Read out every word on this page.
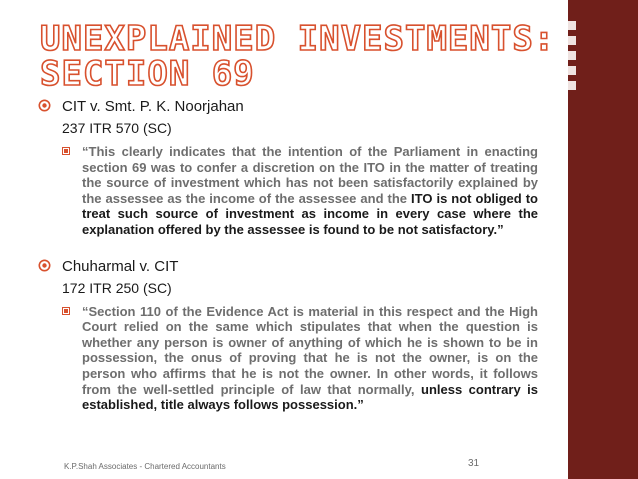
UNEXPLAINED INVESTMENTS:
SECTION 69
CIT v. Smt. P. K. Noorjahan
237 ITR 570 (SC)
“This clearly indicates that the intention of the Parliament in enacting section 69 was to confer a discretion on the ITO in the matter of treating the source of investment which has not been satisfactorily explained by the assessee as the income of the assessee and the ITO is not obliged to treat such source of investment as income in every case where the explanation offered by the assessee is found to be not satisfactory.”
Chuharmal v. CIT
172 ITR 250 (SC)
“Section 110 of the Evidence Act is material in this respect and the High Court relied on the same which stipulates that when the question is whether any person is owner of anything of which he is shown to be in possession, the onus of proving that he is not the owner, is on the person who affirms that he is not the owner. In other words, it follows from the well-settled principle of law that normally, unless contrary is established, title always follows possession.”
K.P.Shah Associates - Chartered Accountants	31
